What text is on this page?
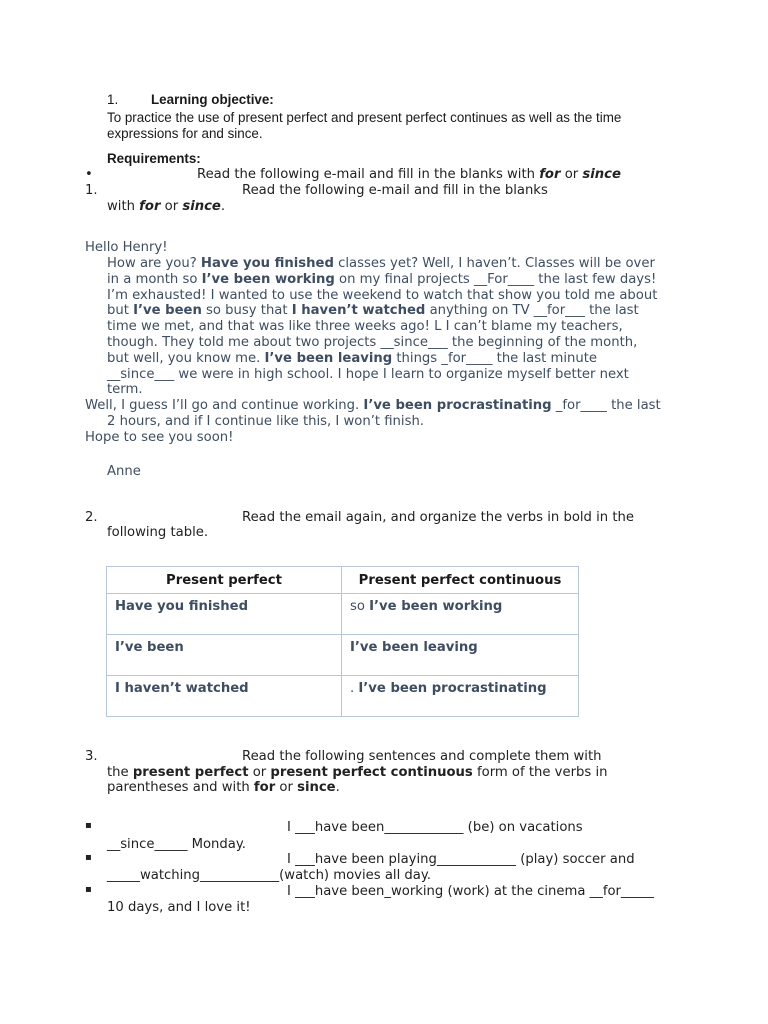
1. Learning objective:
To practice the use of present perfect and present perfect continues as well as the time
expressions for and since.
Requirements:
•	Read the following e-mail and fill in the blanks with for or since
1.	Read the following e-mail and fill in the blanks
with for or since.
Hello Henry!
How are you? Have you finished classes yet? Well, I haven’t. Classes will be over
in a month so I’ve been working on my final projects __For____ the last few days!
I’m exhausted! I wanted to use the weekend to watch that show you told me about
but I’ve been so busy that I haven’t watched anything on TV __for___ the last
time we met, and that was like three weeks ago! L I can’t blame my teachers,
though. They told me about two projects __since___ the beginning of the month,
but well, you know me. I’ve been leaving things _for____ the last minute
__since___ we were in high school. I hope I learn to organize myself better next
term.
Well, I guess I’ll go and continue working. I’ve been procrastinating _for____ the last
2 hours, and if I continue like this, I won’t finish.
Hope to see you soon!
Anne
2.	Read the email again, and organize the verbs in bold in the
following table.
Present perfect	Present perfect continuous
Have you finished	so I’ve been working
I’ve been	I’ve been leaving
I haven’t watched	. I’ve been procrastinating
3.	Read the following sentences and complete them with
the present perfect or present perfect continuous form of the verbs in
parentheses and with for or since.
▪	I ___have been____________ (be) on vacations
__since_____ Monday.
▪	I ___have been playing____________ (play) soccer and
_____watching____________(watch) movies all day.
▪	I ___have been_working (work) at the cinema __for_____
10 days, and I love it!
